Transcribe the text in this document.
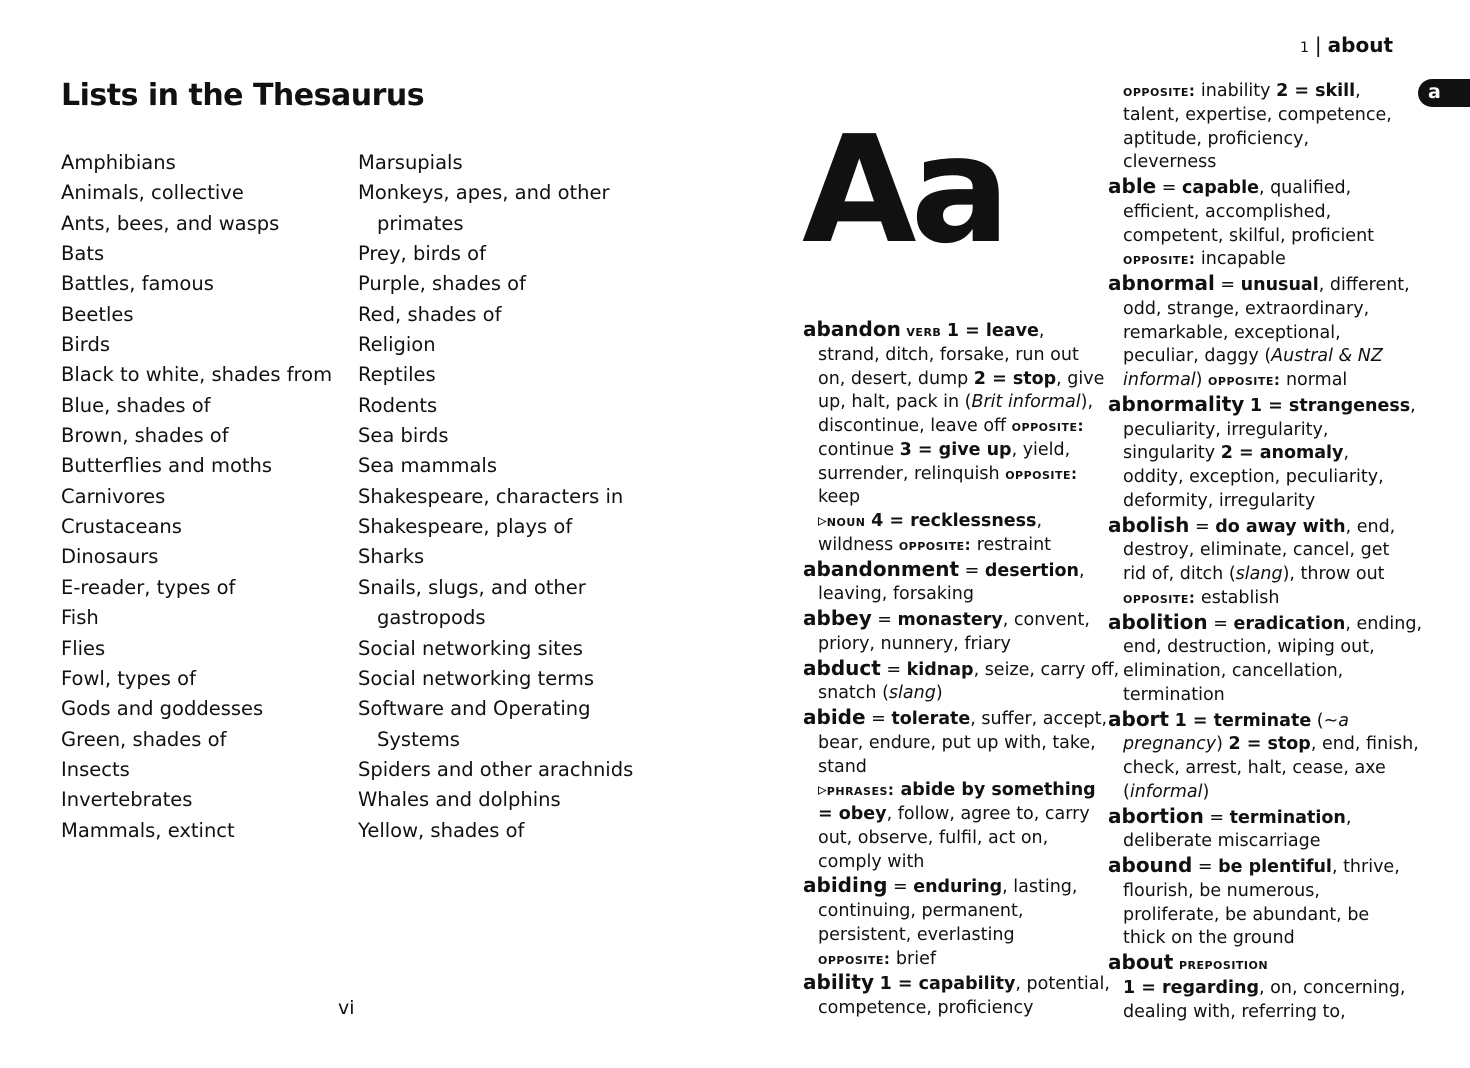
Lists in the Thesaurus
Amphibians
Animals, collective
Ants, bees, and wasps
Bats
Battles, famous
Beetles
Birds
Black to white, shades from
Blue, shades of
Brown, shades of
Butterflies and moths
Carnivores
Crustaceans
Dinosaurs
E-reader, types of
Fish
Flies
Fowl, types of
Gods and goddesses
Green, shades of
Insects
Invertebrates
Mammals, extinct
Marsupials
Monkeys, apes, and other
primates
Prey, birds of
Purple, shades of
Red, shades of
Religion
Reptiles
Rodents
Sea birds
Sea mammals
Shakespeare, characters in
Shakespeare, plays of
Sharks
Snails, slugs, and other
gastropods
Social networking sites
Social networking terms
Software and Operating
Systems
Spiders and other arachnids
Whales and dolphins
Yellow, shades of
vi
1 | about
a
Aa
abandon verb 1 = leave,
strand, ditch, forsake, run out
on, desert, dump 2 = stop, give
up, halt, pack in (Brit informal),
discontinue, leave off opposite:
continue 3 = give up, yield,
surrender, relinquish opposite:
keep
▹noun 4 = recklessness,
wildness opposite: restraint
abandonment = desertion,
leaving, forsaking
abbey = monastery, convent,
priory, nunnery, friary
abduct = kidnap, seize, carry off,
snatch (slang)
abide = tolerate, suffer, accept,
bear, endure, put up with, take,
stand
▹phrases: abide by something
= obey, follow, agree to, carry
out, observe, fulfil, act on,
comply with
abiding = enduring, lasting,
continuing, permanent,
persistent, everlasting
opposite: brief
ability 1 = capability, potential,
competence, proficiency
opposite: inability 2 = skill,
talent, expertise, competence,
aptitude, proficiency,
cleverness
able = capable, qualified,
efficient, accomplished,
competent, skilful, proficient
opposite: incapable
abnormal = unusual, different,
odd, strange, extraordinary,
remarkable, exceptional,
peculiar, daggy (Austral & NZ
informal) opposite: normal
abnormality 1 = strangeness,
peculiarity, irregularity,
singularity 2 = anomaly,
oddity, exception, peculiarity,
deformity, irregularity
abolish = do away with, end,
destroy, eliminate, cancel, get
rid of, ditch (slang), throw out
opposite: establish
abolition = eradication, ending,
end, destruction, wiping out,
elimination, cancellation,
termination
abort 1 = terminate (~a
pregnancy) 2 = stop, end, finish,
check, arrest, halt, cease, axe
(informal)
abortion = termination,
deliberate miscarriage
abound = be plentiful, thrive,
flourish, be numerous,
proliferate, be abundant, be
thick on the ground
about preposition
1 = regarding, on, concerning,
dealing with, referring to,
